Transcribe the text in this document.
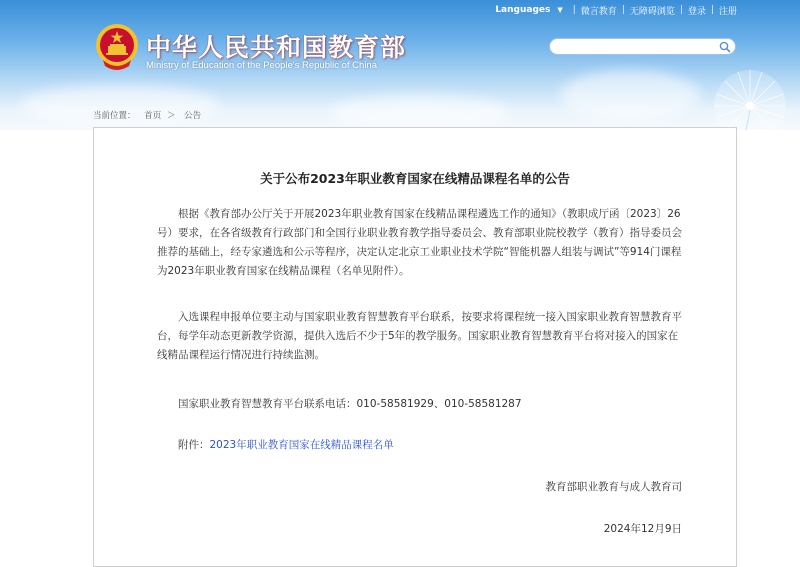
Languages ▼	| 微言教育 | 无障碍浏览 | 登录 | 注册
中华人民共和国教育部
Ministry of Education of the People's Republic of China
当前位置： 首页 ＞ 公告
关于公布2023年职业教育国家在线精品课程名单的公告

根据《教育部办公厅关于开展2023年职业教育国家在线精品课程遴选工作的通知》（教职成厅函〔2023〕26号）要求，在各省级教育行政部门和全国行业职业教育教学指导委员会、教育部职业院校教学（教育）指导委员会推荐的基础上，经专家遴选和公示等程序，决定认定北京工业职业技术学院“智能机器人组装与调试”等914门课程为2023年职业教育国家在线精品课程（名单见附件）。

入选课程申报单位要主动与国家职业教育智慧教育平台联系，按要求将课程统一接入国家职业教育智慧教育平台，每学年动态更新教学资源，提供入选后不少于5年的教学服务。国家职业教育智慧教育平台将对接入的国家在线精品课程运行情况进行持续监测。

国家职业教育智慧教育平台联系电话：010-58581929、010-58581287

附件：2023年职业教育国家在线精品课程名单

教育部职业教育与成人教育司

2024年12月9日
